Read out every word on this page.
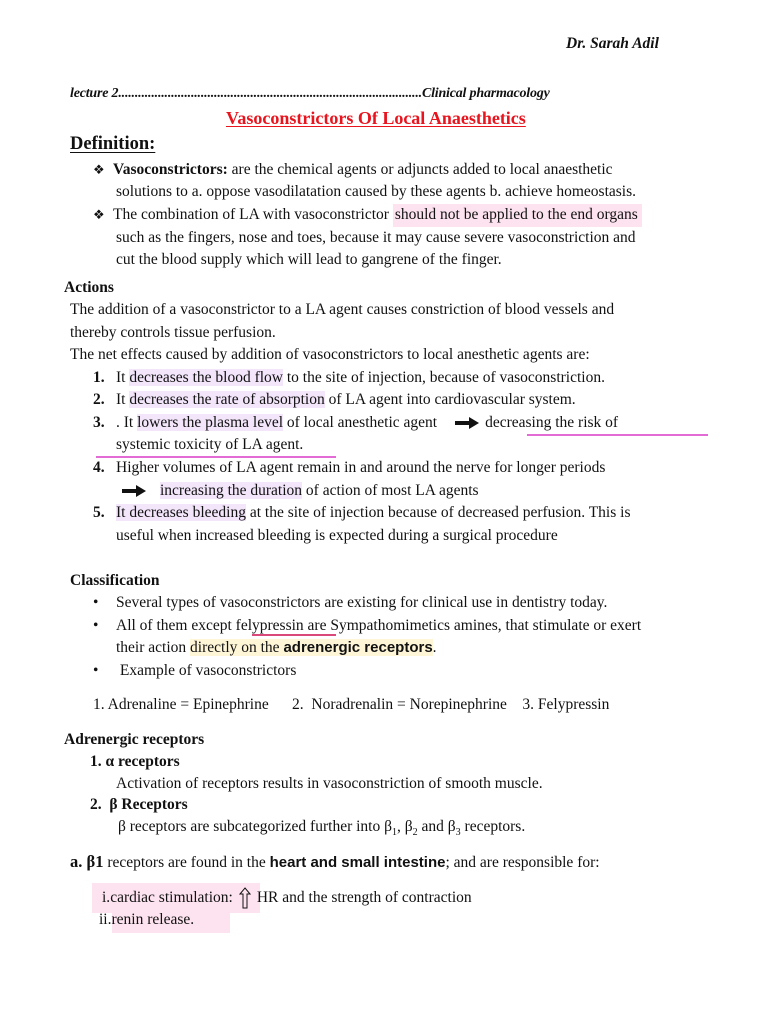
Dr. Sarah Adil
lecture 2............................................................................................Clinical pharmacology
Vasoconstrictors Of Local Anaesthetics
Definition:
❖ Vasoconstrictors: are the chemical agents or adjuncts added to local anaesthetic
solutions to a. oppose vasodilatation caused by these agents b. achieve homeostasis.
❖ The combination of LA with vasoconstrictor should not be applied to the end organs
such as the fingers, nose and toes, because it may cause severe vasoconstriction and
cut the blood supply which will lead to gangrene of the finger.
Actions
The addition of a vasoconstrictor to a LA agent causes constriction of blood vessels and
thereby controls tissue perfusion.
The net effects caused by addition of vasoconstrictors to local anesthetic agents are:
1. It decreases the blood flow to the site of injection, because of vasoconstriction.
2. It decreases the rate of absorption of LA agent into cardiovascular system.
3. . It lowers the plasma level of local anesthetic agent	decreasing the risk of
systemic toxicity of LA agent.
4. Higher volumes of LA agent remain in and around the nerve for longer periods
increasing the duration of action of most LA agents
5. It decreases bleeding at the site of injection because of decreased perfusion. This is
useful when increased bleeding is expected during a surgical procedure
Classification
• Several types of vasoconstrictors are existing for clinical use in dentistry today.
• All of them except felypressin are Sympathomimetics amines, that stimulate or exert
their action directly on the adrenergic receptors.
• Example of vasoconstrictors
1. Adrenaline = Epinephrine      2.  Noradrenalin = Norepinephrine    3. Felypressin
Adrenergic receptors
1. α receptors
Activation of receptors results in vasoconstriction of smooth muscle.
2.  β Receptors
β receptors are subcategorized further into $\beta_1$, $\beta_2$ and $\beta_3$ receptors.
a. β1 receptors are found in the heart and small intestine; and are responsible for:
i.cardiac stimulation: HR and the strength of contraction
ii.renin release.
